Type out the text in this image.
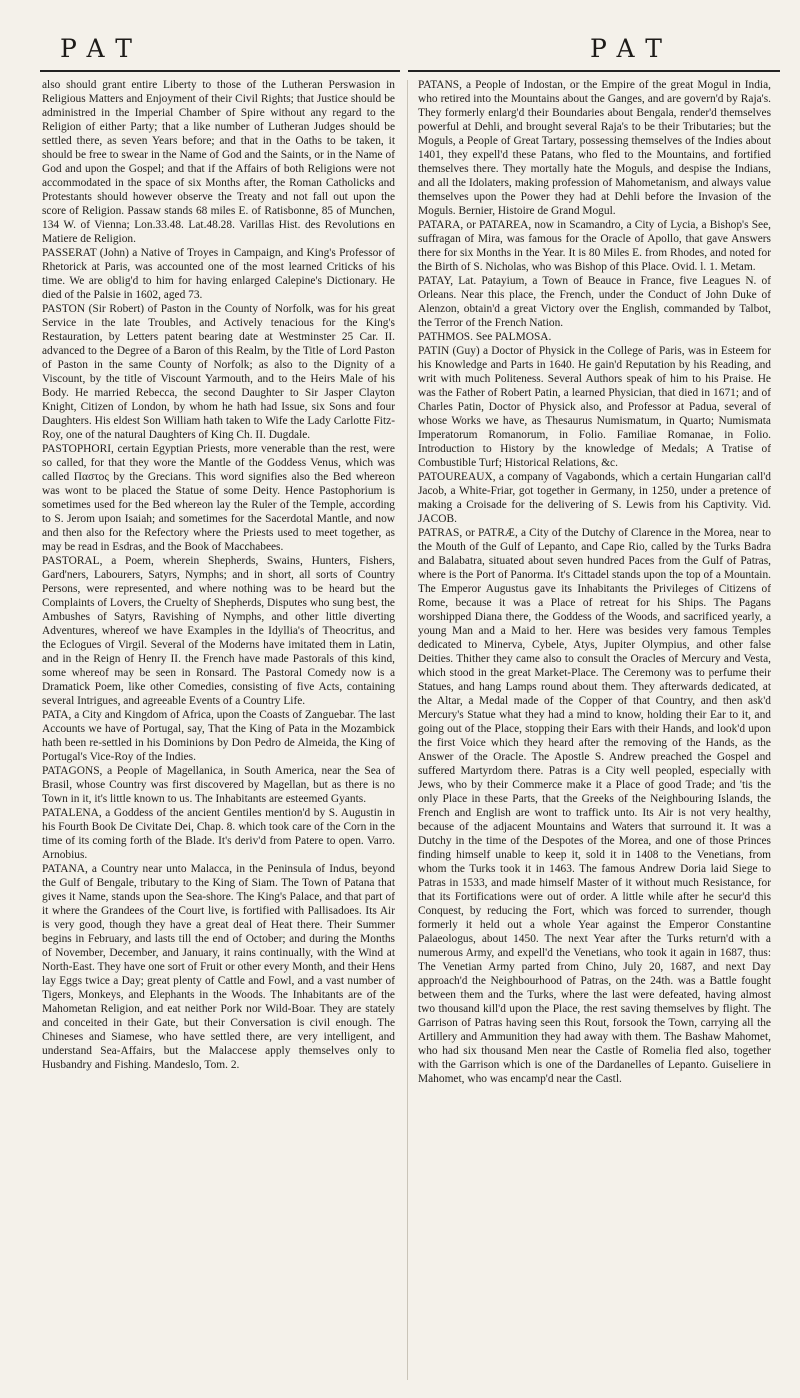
PAT	PAT

also should grant entire Liberty to those of the Lutheran Perswasion in Religious Matters and Enjoyment of their Civil Rights; that Justice should be administred in the Imperial Chamber of Spire without any regard to the Religion of either Party; that a like number of Lutheran Judges should be settled there, as seven Years before; and that in the Oaths to be taken, it should be free to swear in the Name of God and the Saints, or in the Name of God and upon the Gospel; and that if the Affairs of both Religions were not accommodated in the space of six Months after, the Roman Catholicks and Protestants should however observe the Treaty and not fall out upon the score of Religion. Passaw stands 68 miles E. of Ratisbonne, 85 of Munchen, 134 W. of Vienna; Lon.33.48. Lat.48.28. Varillas Hist. des Revolutions en Matiere de Religion.

PASSERAT (John) a Native of Troyes in Campaign, and King's Professor of Rhetorick at Paris, was accounted one of the most learned Criticks of his time. We are oblig'd to him for having enlarged Calepine's Dictionary. He died of the Palsie in 1602, aged 73.

PASTON (Sir Robert) of Paston in the County of Norfolk, was for his great Service in the late Troubles, and Actively tenacious for the King's Restauration, by Letters patent bearing date at Westminster 25 Car. II. advanced to the Degree of a Baron of this Realm, by the Title of Lord Paston of Paston in the same County of Norfolk; as also to the Dignity of a Viscount, by the title of Viscount Yarmouth, and to the Heirs Male of his Body. He married Rebecca, the second Daughter to Sir Jasper Clayton Knight, Citizen of London, by whom he hath had Issue, six Sons and four Daughters. His eldest Son William hath taken to Wife the Lady Carlotte Fitz-Roy, one of the natural Daughters of King Ch. II. Dugdale.

PASTOPHORI, certain Egyptian Priests, more venerable than the rest, were so called, for that they wore the Mantle of the Goddess Venus, which was called Παστος by the Grecians. This word signifies also the Bed whereon was wont to be placed the Statue of some Deity. Hence Pastophorium is sometimes used for the Bed whereon lay the Ruler of the Temple, according to S. Jerom upon Isaiah; and sometimes for the Sacerdotal Mantle, and now and then also for the Refectory where the Priests used to meet together, as may be read in Esdras, and the Book of Macchabees.

PASTORAL, a Poem, wherein Shepherds, Swains, Hunters, Fishers, Gard'ners, Labourers, Satyrs, Nymphs; and in short, all sorts of Country Persons, were represented, and where nothing was to be heard but the Complaints of Lovers, the Cruelty of Shepherds, Disputes who sung best, the Ambushes of Satyrs, Ravishing of Nymphs, and other little diverting Adventures, whereof we have Examples in the Idyllia's of Theocritus, and the Eclogues of Virgil. Several of the Moderns have imitated them in Latin, and in the Reign of Henry II. the French have made Pastorals of this kind, some whereof may be seen in Ronsard. The Pastoral Comedy now is a Dramatick Poem, like other Comedies, consisting of five Acts, containing several Intrigues, and agreeable Events of a Country Life.

PATA, a City and Kingdom of Africa, upon the Coasts of Zanguebar. The last Accounts we have of Portugal, say, That the King of Pata in the Mozambick hath been re-settled in his Dominions by Don Pedro de Almeida, the King of Portugal's Vice-Roy of the Indies.

PATAGONS, a People of Magellanica, in South America, near the Sea of Brasil, whose Country was first discovered by Magellan, but as there is no Town in it, it's little known to us. The Inhabitants are esteemed Gyants.

PATALENA, a Goddess of the ancient Gentiles mention'd by S. Augustin in his Fourth Book De Civitate Dei, Chap. 8. which took care of the Corn in the time of its coming forth of the Blade. It's deriv'd from Patere to open. Varro. Arnobius.

PATANA, a Country near unto Malacca, in the Peninsula of Indus, beyond the Gulf of Bengale, tributary to the King of Siam. The Town of Patana that gives it Name, stands upon the Sea-shore. The King's Palace, and that part of it where the Grandees of the Court live, is fortified with Pallisadoes. Its Air is very good, though they have a great deal of Heat there. Their Summer begins in February, and lasts till the end of October; and during the Months of November, December, and January, it rains continually, with the Wind at North-East. They have one sort of Fruit or other every Month, and their Hens lay Eggs twice a Day; great plenty of Cattle and Fowl, and a vast number of Tigers, Monkeys, and Elephants in the Woods. The Inhabitants are of the Mahometan Religion, and eat neither Pork nor Wild-Boar. They are stately and conceited in their Gate, but their Conversation is civil enough. The Chineses and Siamese, who have settled there, are very intelligent, and understand Sea-Affairs, but the Malaccese apply themselves only to Husbandry and Fishing. Mandeslo, Tom. 2.

PATANS, a People of Indostan, or the Empire of the great Mogul in India, who retired into the Mountains about the Ganges, and are govern'd by Raja's. They formerly enlarg'd their Boundaries about Bengala, render'd themselves powerful at Dehli, and brought several Raja's to be their Tributaries; but the Moguls, a People of Great Tartary, possessing themselves of the Indies about 1401, they expell'd these Patans, who fled to the Mountains, and fortified themselves there. They mortally hate the Moguls, and despise the Indians, and all the Idolaters, making profession of Mahometanism, and always value themselves upon the Power they had at Dehli before the Invasion of the Moguls. Bernier, Histoire de Grand Mogul.

PATARA, or PATAREA, now in Scamandro, a City of Lycia, a Bishop's See, suffragan of Mira, was famous for the Oracle of Apollo, that gave Answers there for six Months in the Year. It is 80 Miles E. from Rhodes, and noted for the Birth of S. Nicholas, who was Bishop of this Place. Ovid. l. 1. Metam.

PATAY, Lat. Patayium, a Town of Beauce in France, five Leagues N. of Orleans. Near this place, the French, under the Conduct of John Duke of Alenzon, obtain'd a great Victory over the English, commanded by Talbot, the Terror of the French Nation.

PATHMOS. See PALMOSA.

PATIN (Guy) a Doctor of Physick in the College of Paris, was in Esteem for his Knowledge and Parts in 1640. He gain'd Reputation by his Reading, and writ with much Politeness. Several Authors speak of him to his Praise. He was the Father of Robert Patin, a learned Physician, that died in 1671; and of Charles Patin, Doctor of Physick also, and Professor at Padua, several of whose Works we have, as Thesaurus Numismatum, in Quarto; Numismata Imperatorum Romanorum, in Folio. Familiae Romanae, in Folio. Introduction to History by the knowledge of Medals; A Tratise of Combustible Turf; Historical Relations, &c.

PATOUREAUX, a company of Vagabonds, which a certain Hungarian call'd Jacob, a White-Friar, got together in Germany, in 1250, under a pretence of making a Croisade for the delivering of S. Lewis from his Captivity. Vid. JACOB.

PATRAS, or PATRÆ, a City of the Dutchy of Clarence in the Morea, near to the Mouth of the Gulf of Lepanto, and Cape Rio, called by the Turks Badra and Balabatra, situated about seven hundred Paces from the Gulf of Patras, where is the Port of Panorma. It's Cittadel stands upon the top of a Mountain. The Emperor Augustus gave its Inhabitants the Privileges of Citizens of Rome, because it was a Place of retreat for his Ships. The Pagans worshipped Diana there, the Goddess of the Woods, and sacrificed yearly, a young Man and a Maid to her. Here was besides very famous Temples dedicated to Minerva, Cybele, Atys, Jupiter Olympius, and other false Deities. Thither they came also to consult the Oracles of Mercury and Vesta, which stood in the great Market-Place. The Ceremony was to perfume their Statues, and hang Lamps round about them. They afterwards dedicated, at the Altar, a Medal made of the Copper of that Country, and then ask'd Mercury's Statue what they had a mind to know, holding their Ear to it, and going out of the Place, stopping their Ears with their Hands, and look'd upon the first Voice which they heard after the removing of the Hands, as the Answer of the Oracle. The Apostle S. Andrew preached the Gospel and suffered Martyrdom there. Patras is a City well peopled, especially with Jews, who by their Commerce make it a Place of good Trade; and 'tis the only Place in these Parts, that the Greeks of the Neighbouring Islands, the French and English are wont to traffick unto. Its Air is not very healthy, because of the adjacent Mountains and Waters that surround it. It was a Dutchy in the time of the Despotes of the Morea, and one of those Princes finding himself unable to keep it, sold it in 1408 to the Venetians, from whom the Turks took it in 1463. The famous Andrew Doria laid Siege to Patras in 1533, and made himself Master of it without much Resistance, for that its Fortifications were out of order. A little while after he secur'd this Conquest, by reducing the Fort, which was forced to surrender, though formerly it held out a whole Year against the Emperor Constantine Palaeologus, about 1450. The next Year after the Turks return'd with a numerous Army, and expell'd the Venetians, who took it again in 1687, thus: The Venetian Army parted from Chino, July 20, 1687, and next Day approach'd the Neighbourhood of Patras, on the 24th. was a Battle fought between them and the Turks, where the last were defeated, having almost two thousand kill'd upon the Place, the rest saving themselves by flight. The Garrison of Patras having seen this Rout, forsook the Town, carrying all the Artillery and Ammunition they had away with them. The Bashaw Mahomet, who had six thousand Men near the Castle of Romelia fled also, together with the Garrison which is one of the Dardanelles of Lepanto. Guiseliere in Mahomet, who was encamp'd near the Castl.
